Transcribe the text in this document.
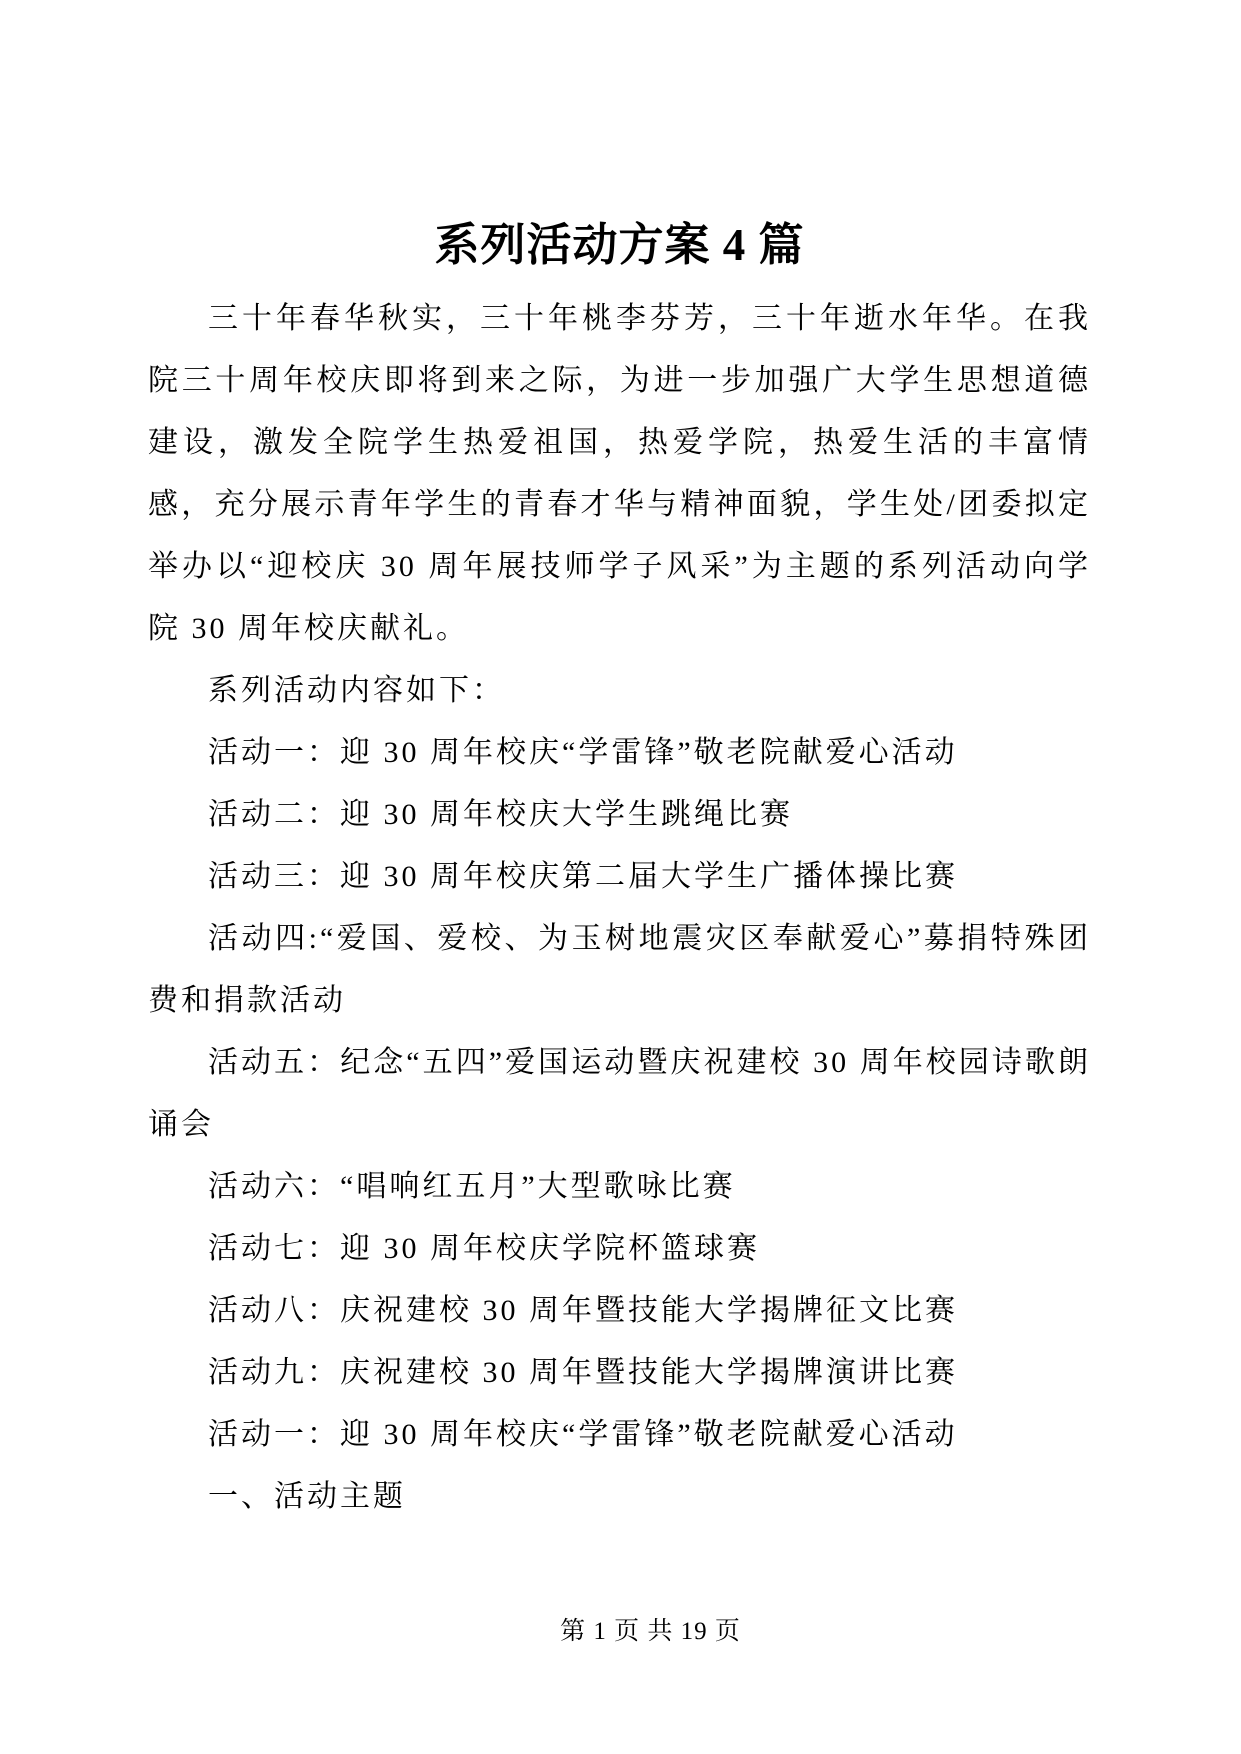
系列活动方案 4 篇

三十年春华秋实，三十年桃李芬芳，三十年逝水年华。在我院三十周年校庆即将到来之际，为进一步加强广大学生思想道德建设，激发全院学生热爱祖国，热爱学院，热爱生活的丰富情感，充分展示青年学生的青春才华与精神面貌，学生处/团委拟定举办以“迎校庆 30 周年展技师学子风采”为主题的系列活动向学院 30 周年校庆献礼。

系列活动内容如下：

活动一：迎 30 周年校庆“学雷锋”敬老院献爱心活动

活动二：迎 30 周年校庆大学生跳绳比赛

活动三：迎 30 周年校庆第二届大学生广播体操比赛

活动四:“爱国、爱校、为玉树地震灾区奉献爱心”募捐特殊团费和捐款活动

活动五：纪念“五四”爱国运动暨庆祝建校 30 周年校园诗歌朗诵会

活动六：“唱响红五月”大型歌咏比赛

活动七：迎 30 周年校庆学院杯篮球赛

活动八：庆祝建校 30 周年暨技能大学揭牌征文比赛

活动九：庆祝建校 30 周年暨技能大学揭牌演讲比赛

活动一：迎 30 周年校庆“学雷锋”敬老院献爱心活动

一、活动主题

第 1 页 共 19 页
